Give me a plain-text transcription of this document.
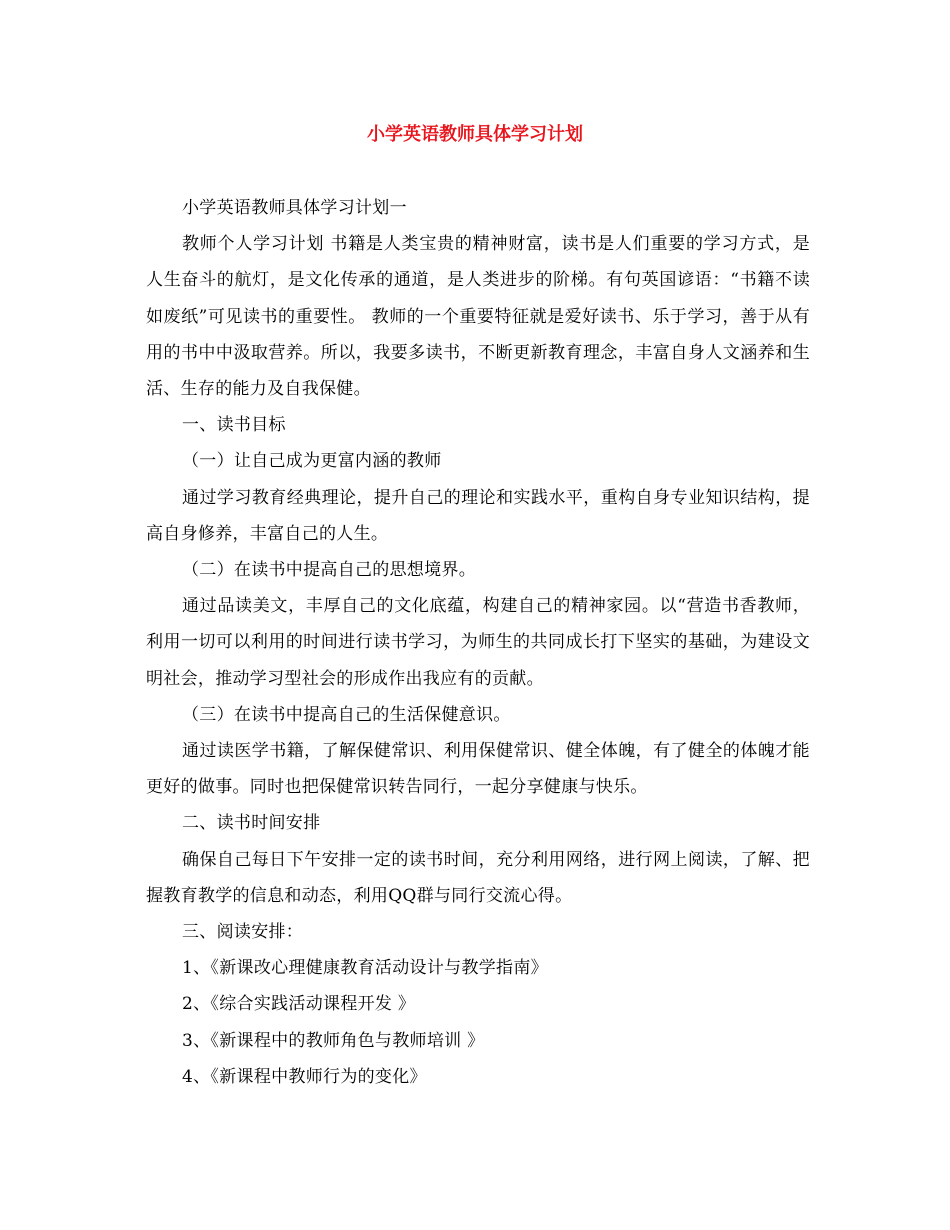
小学英语教师具体学习计划

小学英语教师具体学习计划一

教师个人学习计划 书籍是人类宝贵的精神财富，读书是人们重要的学习方式，是人生奋斗的航灯，是文化传承的通道，是人类进步的阶梯。有句英国谚语：“书籍不读如废纸”可见读书的重要性。 教师的一个重要特征就是爱好读书、乐于学习，善于从有用的书中中汲取营养。所以，我要多读书，不断更新教育理念，丰富自身人文涵养和生活、生存的能力及自我保健。

一、读书目标

（一）让自己成为更富内涵的教师

通过学习教育经典理论，提升自己的理论和实践水平，重构自身专业知识结构，提高自身修养，丰富自己的人生。

（二）在读书中提高自己的思想境界。

通过品读美文，丰厚自己的文化底蕴，构建自己的精神家园。以“营造书香教师，利用一切可以利用的时间进行读书学习，为师生的共同成长打下坚实的基础，为建设文明社会，推动学习型社会的形成作出我应有的贡献。

（三）在读书中提高自己的生活保健意识。

通过读医学书籍，了解保健常识、利用保健常识、健全体魄，有了健全的体魄才能更好的做事。同时也把保健常识转告同行，一起分享健康与快乐。

二、读书时间安排

确保自己每日下午安排一定的读书时间，充分利用网络，进行网上阅读，了解、把握教育教学的信息和动态，利用QQ群与同行交流心得。

三、阅读安排：

1、《新课改心理健康教育活动设计与教学指南》

2、《综合实践活动课程开发 》

3、《新课程中的教师角色与教师培训 》

4、《新课程中教师行为的变化》
